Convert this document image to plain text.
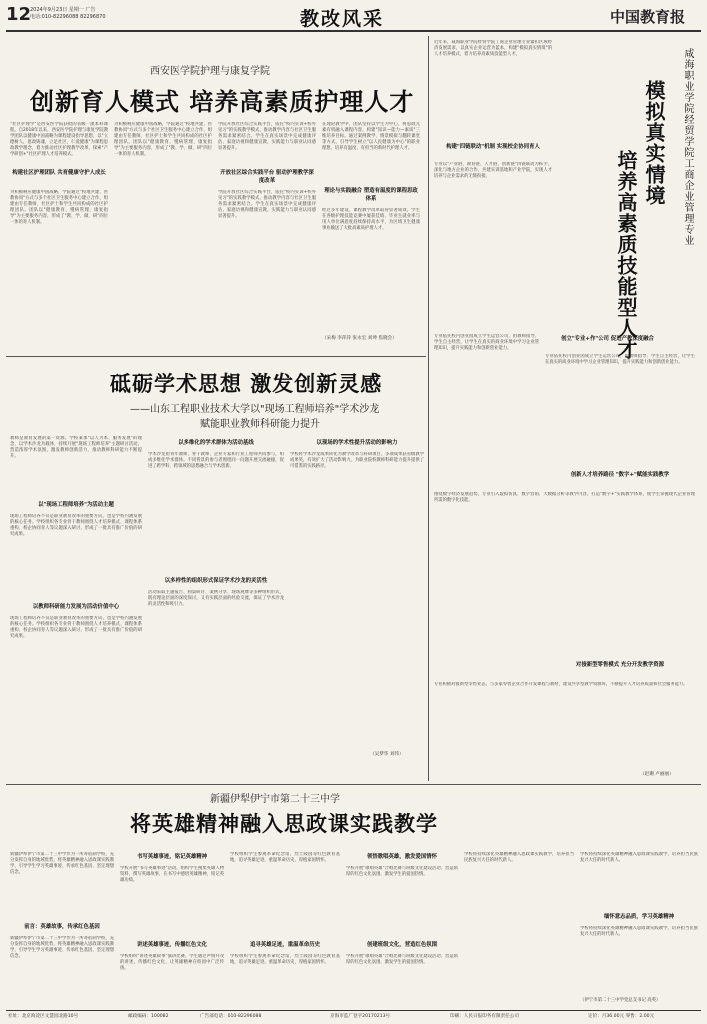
12
2024年9月23日 星期一 广告
电话:010-82296088 82296870	教改风采	中国教育报
西安医学院护理与康复学院
创新育人模式 培养高素质护理人才
"社区护理学"是西安医学院获批的省级一流本科课程。自2018年以来，西安医学院护理与康复学院教学团队以健康中国战略为课程建设指导思想，以"立德树人，思政铸魂，立足社区，仁爱健康"为课程思政教学理念，着力推动社区护理教学改革，探索"产学研创+"社区护理人才培养模式。
构建社区护理团队 共育健康守护人成长
为积极响应健康中国战略，学院通过"校地共建、医教协同"方式与多个社区卫生服务中心建立合作，组建由专任教师、社区护士和学生共同构成的社区护理团队。团队以"健康教育、慢病管理、康复指导"为主要服务内容，形成了"教、学、做、研"四位一体的育人机制。
为积极响应健康中国战略，学院通过"校地共建、医教协同"方式与多个社区卫生服务中心建立合作，组建由专任教师、社区护士和学生共同构成的社区护理团队。团队以"健康教育、慢病管理、康复指导"为主要服务内容，形成了"教、学、做、研"四位一体的育人机制。
学院开放社区综合实践平台，依托"校内实训+校外见习"的实践教学模式，推动教学内容与社区卫生服务需求紧密结合。学生在真实场景中完成健康评估、家庭访视和健康宣教，实践能力与职业认同感显著提升。
开放社区综合实践平台 驱动护理教学深度改革
学院开放社区综合实践平台，依托"校内实训+校外见习"的实践教学模式，推动教学内容与社区卫生服务需求紧密结合。学生在真实场景中完成健康评估、家庭访视和健康宣教，实践能力与职业认同感显著提升。
在理论教学中，团队坚持以学生为中心，将思政元素有机融入课程内容，构建"知识—能力—素质"三维培养目标。通过案例教学、情景模拟与翻转课堂等方式，引导学生树立"以人民健康为中心"的职业理想，培养有温度、有担当的新时代护理人才。
理论与实践融合 塑造有温度的课程思政体系
经过多年建设，课程教学改革取得显著成效。学生在各级护理技能竞赛中屡获佳绩，毕业生就业率与用人单位满意度持续保持高水平，为区域卫生健康事业输送了大批高素质护理人才。
（宋梅 李萍萍 张永宏 刘坤 焦晓会）
近年来，咸海职业学院经贸学院工商企业管理专业紧扣区域经济发展需求，以真实企业运营为蓝本，构建"模拟真实情境"的人才培养模式，着力培养高素质技能型人才。	咸海职业学院经贸学院工商企业管理专业
模拟真实情境
培养高素质技能型人才
构建"四链联动"机制 实现校企协同育人
专业以"产业链、教育链、人才链、创新链"四链联动为抓手，深化与地方企业的合作，共建实训基地和产业学院，实现人才培养与企业需求的无缝衔接。
创立"专业+作"公司 促进产教深度融合
专业依托校内创业园成立学生运营公司，由教师指导、学生自主经营，让学生在真实的商业环境中学习企业管理知识，提升实践能力和创新创业能力。
专业依托校内创业园成立学生运营公司，由教师指导、学生自主经营，让学生在真实的商业环境中学习企业管理知识，提升实践能力和创新创业能力。
创新人才培养路径 "数字+"赋能实践教学
围绕数字经济发展趋势，专业引入虚拟仿真、数字营销、大数据分析等教学内容，打造"数字+"实践教学体系，使学生掌握现代企业管理所需的数字化技能。
对接新型零售模式 充分开发教学资源
专业积极对接新型零售业态，与多家零售企业合作开发课程与教材，建设共享型教学资源库，不断提升人才培养质量和社会服务能力。
（赵珊 卢丽丽）
砥砺学术思想 激发创新灵感
——山东工程职业技术大学以"现场工程师培养"学术沙龙
赋能职业教师科研能力提升
教师是教育发展的第一资源。学校秉承"以人为本、服务发展"的理念，以学术沙龙为载体，持续开展"现场工程师培养"主题研讨活动，营造浓厚学术氛围，激发教师创新活力，推动教师科研能力不断提升。
以"现场工程师培养"为活动主题
现场工程师培养不仅是职业教育改革的重要方向，也是学校内涵发展的核心任务。学校组织各专业骨干教师围绕人才培养模式、课程体系重构、校企协同育人等议题深入研讨，形成了一批具有推广价值的研究成果。
以教师科研能力发展为活动价值中心
现场工程师培养不仅是职业教育改革的重要方向，也是学校内涵发展的核心任务。学校组织各专业骨干教师围绕人才培养模式、课程体系重构、校企协同育人等议题深入研讨，形成了一批具有推广价值的研究成果。
以多维化的学术群体为活动基线
学术沙龙由青年教师、骨干教师、企业专家和行业工程师共同参与，组成多维化学术群体。不同背景的参与者围绕同一问题开展交流碰撞，促进了跨学科、跨领域的思想融合与学术创新。
以多样性的组织形式保证学术沙龙的灵活性
活动采取主题报告、圆桌研讨、案例分享、现场观摩等多种组织形式，既有理论层面的深度探讨，又有实践层面的经验交流，保证了学术沙龙的灵活性和吸引力。
以现场的学术性提升活动的影响力
学校将学术沙龙成果转化为教学改革与科研项目，多项成果获省级教学成果奖，有效扩大了活动影响力，为职业院校教师科研能力提升提供了可借鉴的实践路径。
（吴梦华 刘伟）
新疆伊犁伊宁市第二十三中学
将英雄精神融入思政课实践教学
新疆伊犁伊宁市第二十三中学作为一所寄宿制学校，充分发挥自身的地域优势，将英雄精神融入思政课实践教学，引导学生学习英雄事迹、传承红色基因，坚定理想信念。
前言：英雄故事，传承红色基因
新疆伊犁伊宁市第二十三中学作为一所寄宿制学校，充分发挥自身的地域优势，将英雄精神融入思政课实践教学，引导学生学习英雄事迹、传承红色基因，坚定理想信念。
书写英雄事迹，铭记英雄精神
学校开展"书写英雄事迹"活动，组织学生搜集英雄人物资料，撰写英雄故事，在书写中感悟英雄精神，铭记英雄功绩。
讲述英雄事迹，传播红色文化
学校组织"讲述英雄故事"演讲比赛，学生通过声情并茂的讲述，传播红色文化，让英雄精神在校园中广泛传扬。
学校组织学生参观革命纪念馆、烈士陵园等红色教育基地，追寻英雄足迹，重温革命历史，厚植家国情怀。
追寻英雄足迹，重温革命历史
学校组织学生参观革命纪念馆、烈士陵园等红色教育基地，追寻英雄足迹，重温革命历史，厚植家国情怀。
领悟歌唱英雄，激发爱国情怀
学校开展"歌唱英雄"合唱比赛与班级文化建设活动，营造浓厚的红色文化氛围，激发学生的爱国热情。
创建班级文化，营造红色氛围
学校开展"歌唱英雄"合唱比赛与班级文化建设活动，营造浓厚的红色文化氛围，激发学生的爱国热情。
学校将持续深化英雄精神融入思政课实践教学，培养担当民族复兴大任的时代新人。
学校将持续深化英雄精神融入思政课实践教学，培养担当民族复兴大任的时代新人。
缅怀意志品质，学习英雄精神
学校将持续深化英雄精神融入思政课实践教学，培养担当民族复兴大任的时代新人。
（伊宁市第二十三中学党总支书记 高英）
社址：北京海淀区文慧园北路10号	邮政编码：100082	广告部电话：010-82296088	京海市监广登字20170213号	印刷：人民日报印务有限责任公司	定价：月36.00元 零售：2.00元
